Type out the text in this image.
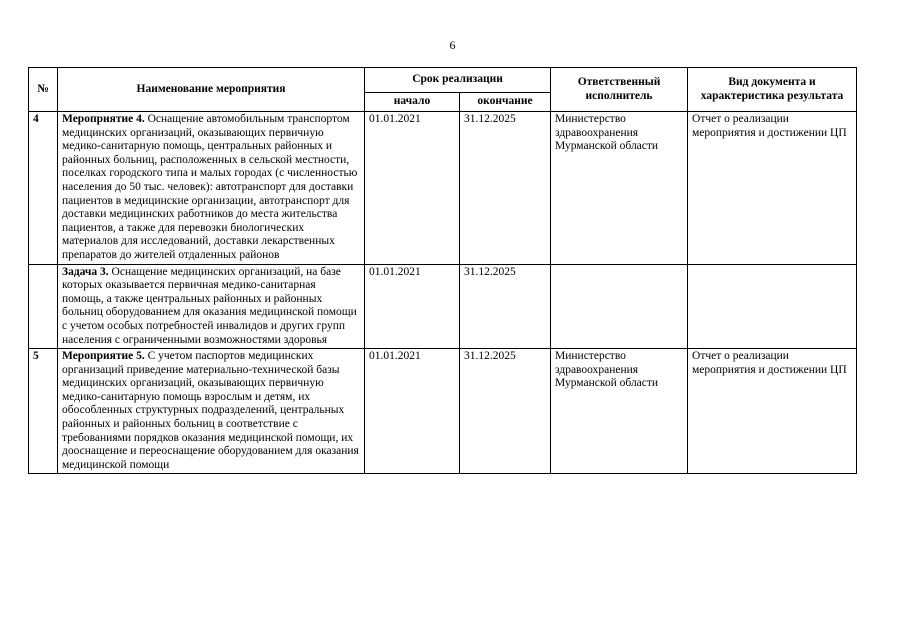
6
№	Наименование мероприятия	Срок реализации		Ответственный исполнитель	Вид документа и характеристика результата
		начало	окончание		
4	Мероприятие 4. Оснащение автомобильным транспортом медицинских организаций, оказывающих первичную медико-санитарную помощь, центральных районных и районных больниц, расположенных в сельской местности, поселках городского типа и малых городах (с численностью населения до 50 тыс. человек): автотранспорт для доставки пациентов в медицинские организации, автотранспорт для доставки медицинских работников до места жительства пациентов, а также для перевозки биологических материалов для исследований, доставки лекарственных препаратов до жителей отдаленных районов	01.01.2021	31.12.2025	Министерство здравоохранения Мурманской области	Отчет о реализации мероприятия и достижении ЦП
	Задача 3. Оснащение медицинских организаций, на базе которых оказывается первичная медико-санитарная помощь, а также центральных районных и районных больниц оборудованием для оказания медицинской помощи с учетом особых потребностей инвалидов и других групп населения с ограниченными возможностями здоровья	01.01.2021	31.12.2025		
5	Мероприятие 5. С учетом паспортов медицинских организаций приведение материально-технической базы медицинских организаций, оказывающих первичную медико-санитарную помощь взрослым и детям, их обособленных структурных подразделений, центральных районных и районных больниц в соответствие с требованиями порядков оказания медицинской помощи, их дооснащение и переоснащение оборудованием для оказания медицинской помощи	01.01.2021	31.12.2025	Министерство здравоохранения Мурманской области	Отчет о реализации мероприятия и достижении ЦП
